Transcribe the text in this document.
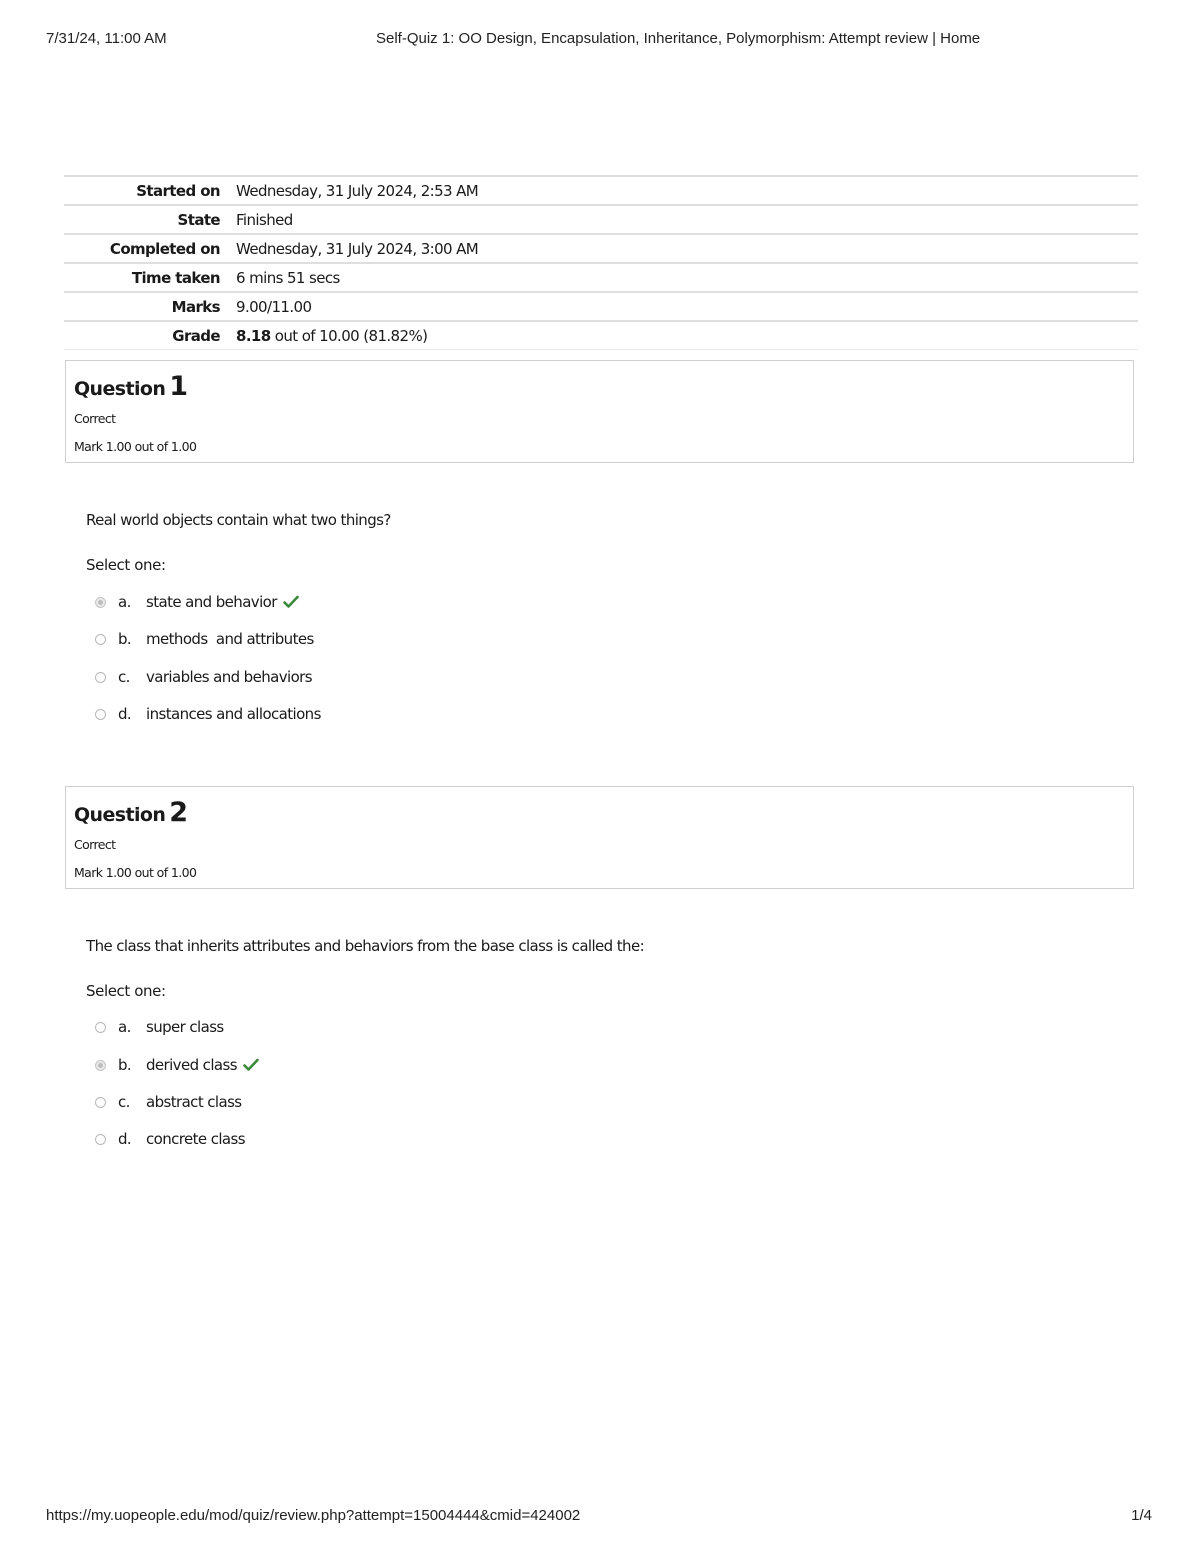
7/31/24, 11:00 AM	Self-Quiz 1: OO Design, Encapsulation, Inheritance, Polymorphism: Attempt review | Home
Started on	Wednesday, 31 July 2024, 2:53 AM
State	Finished
Completed on	Wednesday, 31 July 2024, 3:00 AM
Time taken	6 mins 51 secs
Marks	9.00/11.00
Grade	8.18 out of 10.00 (81.82%)
Question 1
Correct
Mark 1.00 out of 1.00
Real world objects contain what two things?
Select one:
a.	state and behavior
b. methods  and attributes
c.	variables and behaviors
d. instances and allocations
Question 2
Correct
Mark 1.00 out of 1.00
The class that inherits attributes and behaviors from the base class is called the:
Select one:
a.	super class
b. derived class
c.	abstract class
d. concrete class
https://my.uopeople.edu/mod/quiz/review.php?attempt=15004444&cmid=424002	1/4
